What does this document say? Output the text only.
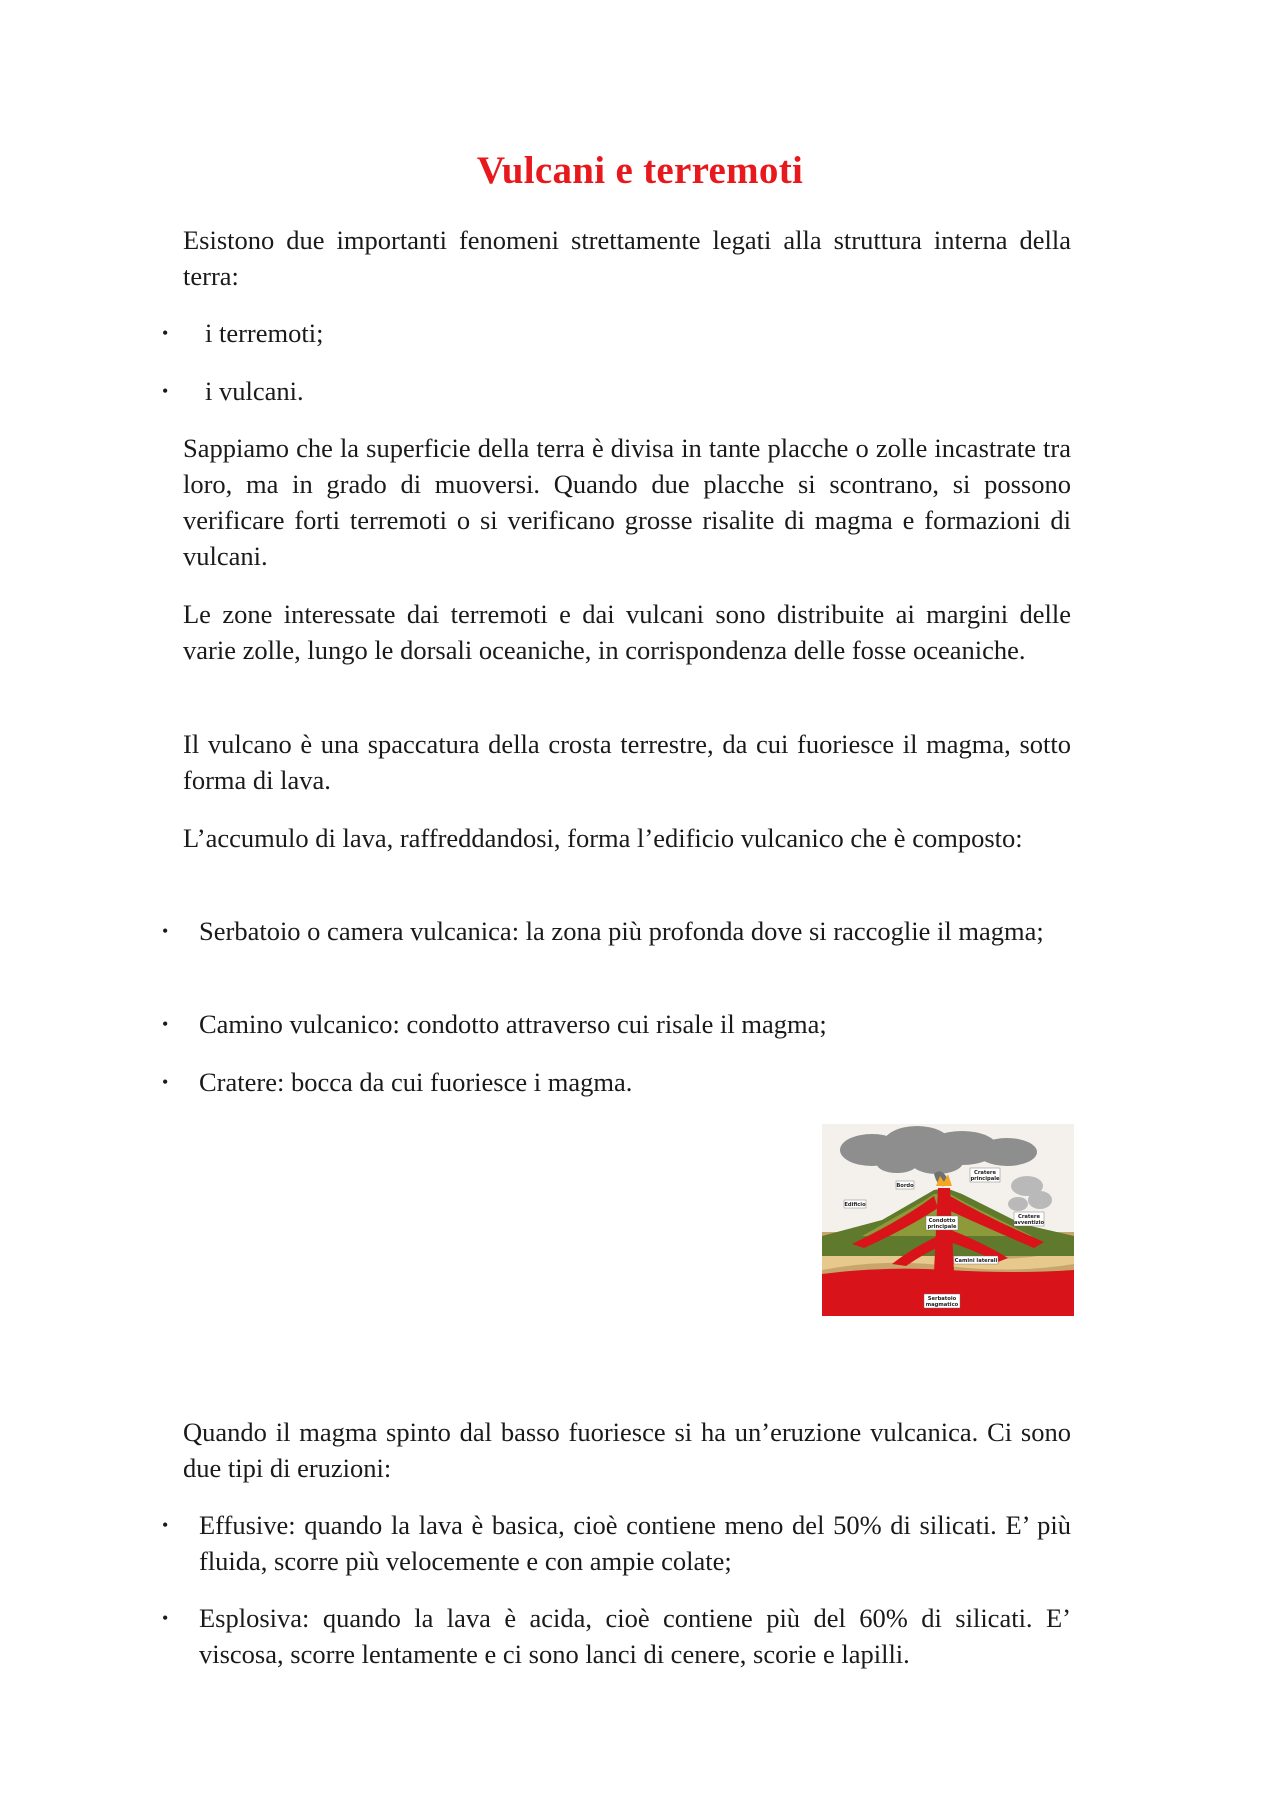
Vulcani e terremoti

Esistono due importanti fenomeni strettamente legati alla struttura interna della terra:

• i terremoti;

• i vulcani.

Sappiamo che la superficie della terra è divisa in tante placche o zolle incastrate tra loro, ma in grado di muoversi. Quando due placche si scontrano, si possono verificare forti terremoti o si verificano grosse risalite di magma e formazioni di vulcani.

Le zone interessate dai terremoti e dai vulcani sono distribuite ai margini delle varie zolle, lungo le dorsali oceaniche, in corrispondenza delle fosse oceaniche.

Il vulcano è una spaccatura della crosta terrestre, da cui fuoriesce il magma, sotto forma di lava.

L’accumulo di lava, raffreddandosi, forma l’edificio vulcanico che è composto:

• Serbatoio o camera vulcanica: la zona più profonda dove si raccoglie il magma;

• Camino vulcanico: condotto attraverso cui risale il magma;

• Cratere: bocca da cui fuoriesce i magma.

Cratere
principale
Bordo
Edificio
Condotto
principale
Cratere
avventizio
Camini laterali
Serbatoio
magmatico

Quando il magma spinto dal basso fuoriesce si ha un’eruzione vulcanica. Ci sono due tipi di eruzioni:

• Effusive: quando la lava è basica, cioè contiene meno del 50% di silicati. E’ più fluida, scorre più velocemente e con ampie colate;

• Esplosiva: quando la lava è acida, cioè contiene più del 60% di silicati. E’ viscosa, scorre lentamente e ci sono lanci di cenere, scorie e lapilli.
